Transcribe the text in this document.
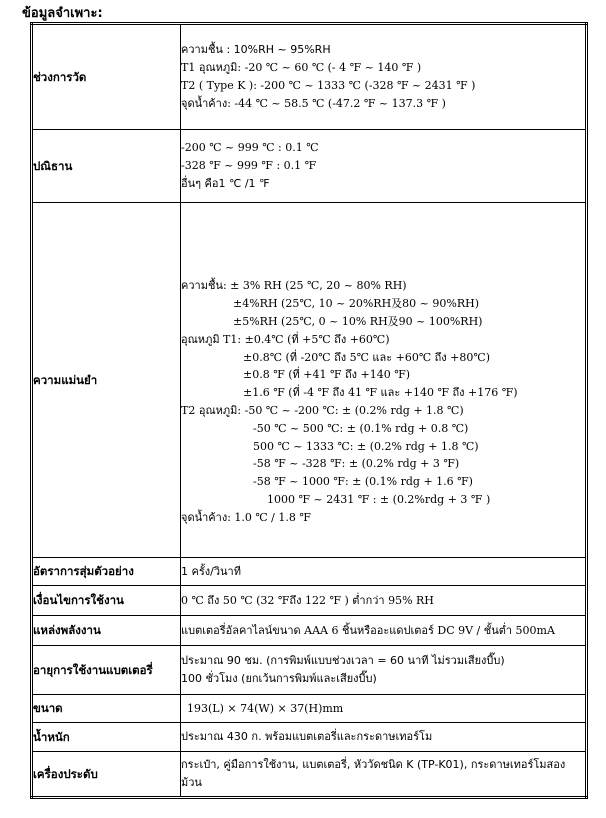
ข้อมูลจำเพาะ:
ช่วงการวัด	ความชื้น : 10%RH ~ 95%RH
T1 อุณหภูมิ: -20 ℃ ~ 60 ℃ (- 4 ℉ ~ 140 ℉ )
T2 ( Type K ): -200 ℃ ~ 1333 ℃ (-328 ℉ ~ 2431 ℉ )
จุดน้ำค้าง: -44 ℃ ~ 58.5 ℃ (-47.2 ℉ ~ 137.3 ℉ )

ปณิธาน	-200 ℃ ~ 999 ℃ : 0.1 ℃
-328 ℉ ~ 999 ℉ : 0.1 ℉
อื่นๆ คือ1 ℃ /1 ℉

ความแม่นยำ	
ความชื้น: ± 3% RH (25 ℃, 20 ~ 80% RH)
±4%RH (25℃, 10 ~ 20%RH及80 ~ 90%RH)
±5%RH (25℃, 0 ~ 10% RH及90 ~ 100%RH)
อุณหภูมิ T1: ±0.4℃ (ที่ +5℃ ถึง +60℃)
±0.8℃ (ที่ -20℃ ถึง 5℃ และ +60℃ ถึง +80℃)
±0.8 ℉ (ที่ +41 ℉ ถึง +140 ℉)
±1.6 ℉ (ที่ -4 ℉ ถึง 41 ℉ และ +140 ℉ ถึง +176 ℉)
T2 อุณหภูมิ: -50 ℃ ~ -200 ℃: ± (0.2% rdg + 1.8 ℃)
-50 ℃ ~ 500 ℃: ± (0.1% rdg + 0.8 ℃)
500 ℃ ~ 1333 ℃: ± (0.2% rdg + 1.8 ℃)
-58 ℉ ~ -328 ℉: ± (0.2% rdg + 3 ℉)
-58 ℉ ~ 1000 ℉: ± (0.1% rdg + 1.6 ℉)
1000 ℉ ~ 2431 ℉ : ± (0.2%rdg + 3 ℉ )
จุดน้ำค้าง: 1.0 ℃ / 1.8 ℉

อัตราการสุ่มตัวอย่าง	1 ครั้ง/วินาที

เงื่อนไขการใช้งาน	0 ℃ ถึง 50 ℃ (32 ℉ถึง 122 ℉ ) ต่ำกว่า 95% RH

แหล่งพลังงาน	แบตเตอรี่อัลคาไลน์ขนาด AAA 6 ชิ้นหรืออะแดปเตอร์ DC 9V / ชั้นต่ำ 500mA

อายุการใช้งานแบตเตอรี่	ประมาณ 90 ชม. (การพิมพ์แบบช่วงเวลา = 60 นาที ไม่รวมเสียงบี๊บ)
100 ชั่วโมง (ยกเว้นการพิมพ์และเสียงบี๊บ)

ขนาด	193(L) × 74(W) × 37(H)mm

น้ำหนัก	ประมาณ 430 ก. พร้อมแบตเตอรี่และกระดาษเทอร์โม

เครื่องประดับ	กระเป๋า, คู่มือการใช้งาน, แบตเตอรี่, หัววัดชนิด K (TP-K01), กระดาษเทอร์โมสอง
ม้วน
